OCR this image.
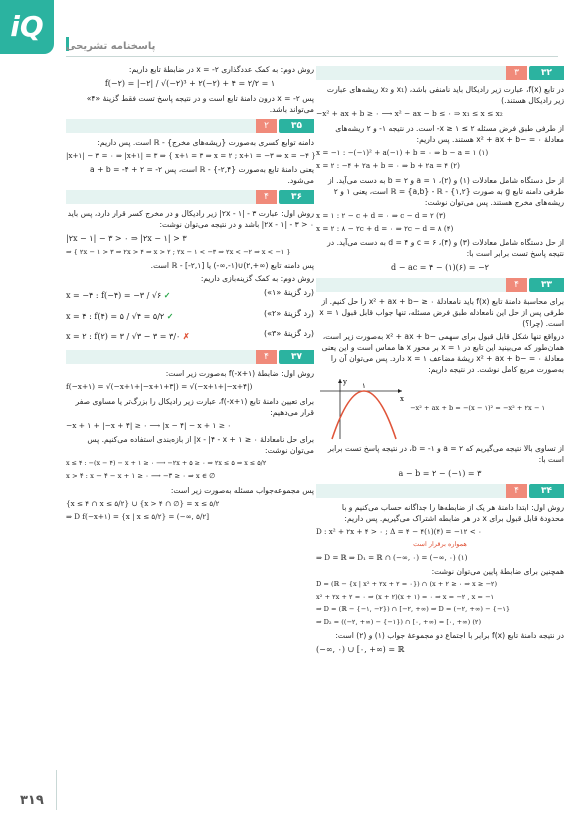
iQ
پاسخنامه تشریحی

روش دوم: به کمک عددگذاری ۲- = x در ضابطهٔ تابع داریم:

f(−۲) = |−۲| / √(−۲)³ + ۲(−۲) + ۴ = ۲/۲ = ۱

پس ۲- = x درون دامنهٔ تابع است و در نتیجه پاسخ تست فقط گزینهٔ «۴» می‌تواند باشد.

۳۵
۲

دامنه توابع کسری به‌صورت {ریشه‌های مخرج} - ℝ است. پس داریم:

|x+۱| − ۳ = ۰ ⇒ |x+۱| = ۳ ⇒ { x+۱ = ۳ ⇒ x = ۲ ; x+۱ = −۳ ⇒ x = −۴ }

یعنی دامنهٔ تابع به‌صورت {۲,۴-} - ℝ است، پس ۲- = ۲ + ۴- = a + b می‌شود.

۳۶
۴

روش اول: عبارت ۳ - |۲x - ۱| زیر رادیکال و در مخرج کسر قرار دارد، پس باید ۰ < ۳ - |۲x - ۱| باشد و در نتیجه می‌توان نوشت:

|۲x − ۱| − ۳ > ۰ ⇒ |۲x − ۱| > ۳
⇒ { ۲x − ۱ > ۳ ⇒ ۲x > ۴ ⇒ x > ۲ ; ۲x − ۱ < −۳ ⇒ ۲x < −۲ ⇒ x < −۱ }

پس دامنه تابع (∞+,۲)∪(۱-,∞-) یا [۲,۱-] - ℝ است.

روش دوم: به کمک گزینه‌بازی داریم:

(رد گزینهٔ «۱»)
x = −۴ : f(−۴) = −۳ / √۶ ✓
(رد گزینهٔ «۲»)
x = ۴ : f(۴) = ۵ / √۴ = ۵/۲ ✓
(رد گزینهٔ «۳»)
x = ۲ : f(۲) = ۳ / √۳ − ۳ = ۳/۰ ✗
۳۷
۴

روش اول: ضابطهٔ (x+۱-)f به‌صورت زیر است:

f(−x+۱) = √(−x+۱+|−x+۱+۳|) = √(−x+۱+|−x+۴|)

برای تعیین دامنهٔ تابع (x+۱-)f، عبارت زیر رادیکال را بزرگ‌تر یا مساوی صفر قرار می‌دهیم:

−x + ۱ + |−x + ۴| ≥ ۰ ⟶ |x − ۴| − x + ۱ ≥ ۰

برای حل نامعادلهٔ ۰ ≤ ۱ + x - |۴ - x| از بازه‌بندی استفاده می‌کنیم. پس می‌توان نوشت:

x ≤ ۴ : −(x − ۴) − x + ۱ ≥ ۰ ⟶ −۲x + ۵ ≥ ۰ ⇒ ۲x ≤ ۵ ⇒ x ≤ ۵/۲
x > ۴ : x − ۴ − x + ۱ ≥ ۰ ⟶ −۳ ≥ ۰ ⇒ x ∈ ∅

پس مجموعه‌جواب مسئله به‌صورت زیر است:

{x ≤ ۴ ∩ x ≤ ۵/۲} ∪ {x > ۴ ∩ ∅} = x ≤ ۵/۲
⇒ D f(−x+۱) = {x | x ≤ ۵/۲} = (−∞, ۵/۲]
۳۲
۳

در تابع f(x)، عبارت زیر رادیکال باید نامنفی باشد، (x₁ و x₂ ریشه‌های عبارت زیر رادیکال هستند.)

−x² + ax + b ≥ ۰ ⟶ x² − ax − b ≤ ۰ ⇒ x₁ ≤ x ≤ x₂

از طرفی طبق فرض مسئله ۲ ≥ x ≥ ۱- است. در نتیجه ۱- و ۲ ریشه‌های معادلهٔ ۰ = −x² + ax + b هستند. پس داریم:

x = −۱ : −(−۱)² + a(−۱) + b = ۰ ⇒ b − a = ۱ (۱)
x = ۲ : −۴ + ۲a + b = ۰ ⇒ b + ۲a = ۴ (۲)

از حل دستگاه شامل معادلات (۱) و (۲)، ۱ = a و ۲ = b به دست می‌آید. از طرفی دامنه تابع g به صورت {۱,۲} - ℝ = {a,b} - ℝ است، یعنی ۱ و ۲ ریشه‌های مخرج هستند. پس می‌توان نوشت:

x = ۱ : ۲ − c + d = ۰ ⇒ c − d = ۲ (۳)
x = ۲ : ۸ − ۲c + d = ۰ ⇒ ۲c − d = ۸ (۴)

از حل دستگاه شامل معادلات (۳) و (۴)، ۶ = c و ۴ = d به دست می‌آید. در نتیجه پاسخ تست برابر است با:

d − ac = ۴ − (۱)(۶) = −۲
۳۳
۴

برای محاسبهٔ دامنهٔ تابع f(x) باید نامعادلهٔ ۰ ≤ −x² + ax + b را حل کنیم. از طرفی پس از حل این نامعادله طبق فرض مسئله، تنها جواب قابل قبول x = ۱ است. (چرا؟)

درواقع تنها شکل قابل قبول برای سهمی −x² + ax + b به‌صورت زیر است، همان‌طور که می‌بینید این تابع در x = ۱ بر محور x ها مماس است و این یعنی معادلهٔ ۰ = −x² + ax + b ریشهٔ مضاعف x = ۱ دارد. پس می‌توان آن را به‌صورت مربع کامل نوشت. در نتیجه داریم:

x
y ۱
−x² + ax + b = −(x − ۱)² = −x² + ۲x − ۱

از تساوی بالا نتیجه می‌گیریم که ۲ = a و ۱- = b، در نتیجه پاسخ تست برابر است با:

a − b = ۲ − (−۱) = ۳
۳۴
۴

روش اول: ابتدا دامنهٔ هر یک از ضابطه‌ها را جداگانه حساب می‌کنیم و با محدودهٔ قابل قبول برای x در هر ضابطه اشتراک می‌گیریم. پس داریم:

D : x² + ۲x + ۴ > ۰ ; Δ = ۴ − ۴(۱)(۴) = −۱۲ < ۰
همواره برقرار است
⇒ D = ℝ ⇒ D₁ = ℝ ∩ (−∞, ۰) = (−∞, ۰) (۱)

همچنین برای ضابطهٔ پایین می‌توان نوشت:

D = (ℝ − {x | x² + ۲x + ۲ = ۰}) ∩ (x + ۲ ≥ ۰ ⇒ x ≥ −۲)
x² + ۲x + ۲ = ۰ ⇒ (x + ۲)(x + ۱) = ۰ ⇒ x = −۲ , x = −۱
⇒ D = (ℝ − {−۱, −۲}) ∩ [−۲, +∞) ⇒ D = (−۲, +∞) − {−۱}
⇒ D₂ = ((−۲, +∞) − {−۱}) ∩ [۰, +∞) = [۰, +∞) (۲)

در نتیجه دامنهٔ تابع f(x) برابر با اجتماع دو مجموعهٔ جواب (۱) و (۲) است:

(−∞, ۰) ∪ [۰, +∞) = ℝ
۳۱۹
